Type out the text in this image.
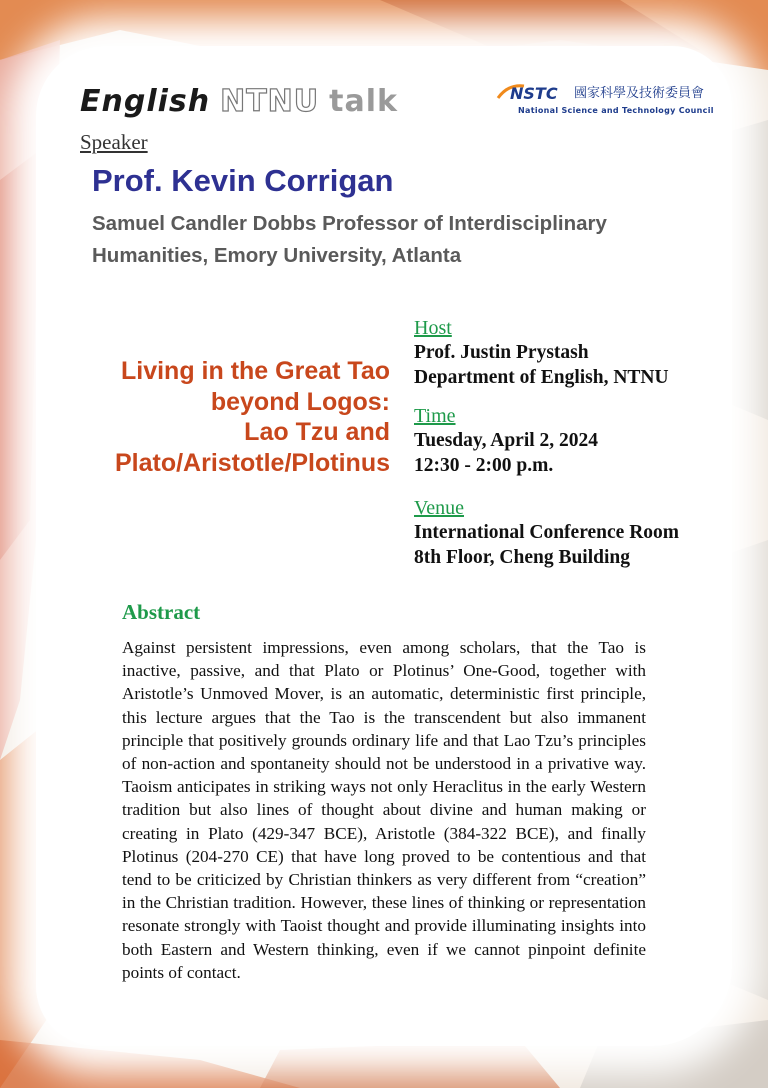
English NTNU talk	NSTC 國家科學及技術委員會
National Science and Technology Council
Speaker
Prof. Kevin Corrigan
Samuel Candler Dobbs Professor of Interdisciplinary Humanities, Emory University, Atlanta
Living in the Great Tao
beyond Logos:
Lao Tzu and
Plato/Aristotle/Plotinus
Host
Prof. Justin Prystash
Department of English, NTNU
Time
Tuesday, April 2, 2024
12:30 - 2:00 p.m.
Venue
International Conference Room
8th Floor, Cheng Building
Abstract
Against persistent impressions, even among scholars, that the Tao is inactive, passive, and that Plato or Plotinus’ One-Good, together with Aristotle’s Unmoved Mover, is an automatic, deterministic first principle, this lecture argues that the Tao is the transcendent but also immanent principle that positively grounds ordinary life and that Lao Tzu’s principles of non-action and spontaneity should not be understood in a privative way. Taoism anticipates in striking ways not only Heraclitus in the early Western tradition but also lines of thought about divine and human making or creating in Plato (429-347 BCE), Aristotle (384-322 BCE), and finally Plotinus (204-270 CE) that have long proved to be contentious and that tend to be criticized by Christian thinkers as very different from “creation” in the Christian tradition. However, these lines of thinking or representation resonate strongly with Taoist thought and provide illuminating insights into both Eastern and Western thinking, even if we cannot pinpoint definite points of contact.
